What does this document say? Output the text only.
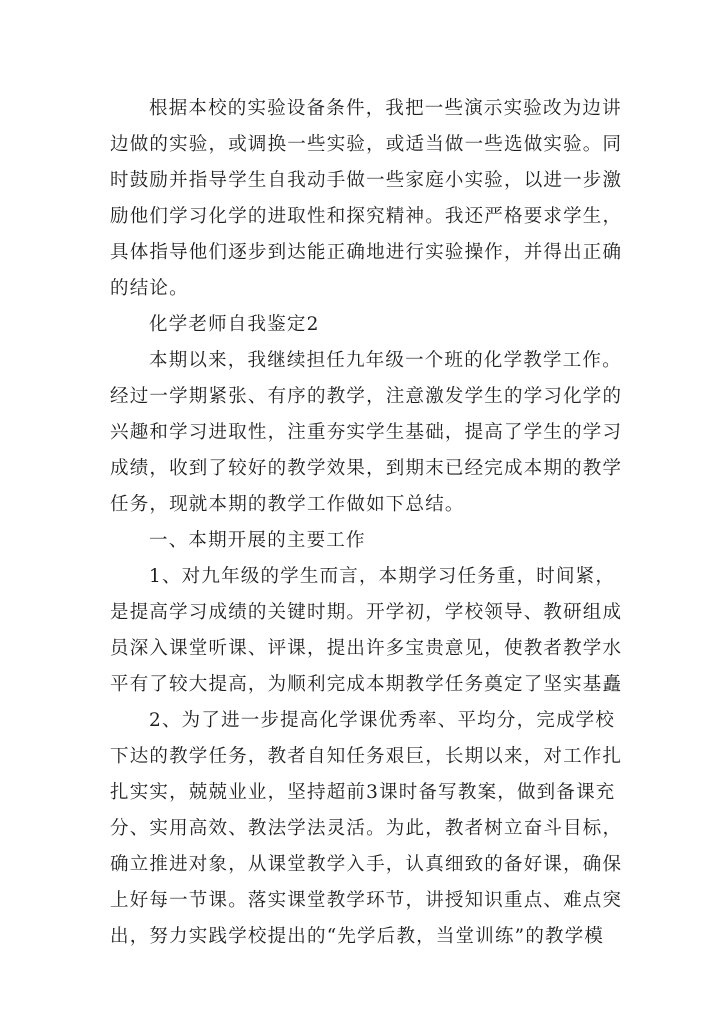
根据本校的实验设备条件，我把一些演示实验改为边讲
边做的实验，或调换一些实验，或适当做一些选做实验。同
时鼓励并指导学生自我动手做一些家庭小实验，以进一步激
励他们学习化学的进取性和探究精神。我还严格要求学生，
具体指导他们逐步到达能正确地进行实验操作，并得出正确
的结论。
化学老师自我鉴定2
本期以来，我继续担任九年级一个班的化学教学工作。
经过一学期紧张、有序的教学，注意激发学生的学习化学的
兴趣和学习进取性，注重夯实学生基础，提高了学生的学习
成绩，收到了较好的教学效果，到期末已经完成本期的教学
任务，现就本期的教学工作做如下总结。
一、本期开展的主要工作
1、对九年级的学生而言，本期学习任务重，时间紧，
是提高学习成绩的关键时期。开学初，学校领导、教研组成
员深入课堂听课、评课，提出许多宝贵意见，使教者教学水
平有了较大提高，为顺利完成本期教学任务奠定了坚实基矗
2、为了进一步提高化学课优秀率、平均分，完成学校
下达的教学任务，教者自知任务艰巨，长期以来，对工作扎
扎实实，兢兢业业，坚持超前3课时备写教案，做到备课充
分、实用高效、教法学法灵活。为此，教者树立奋斗目标，
确立推进对象，从课堂教学入手，认真细致的备好课，确保
上好每一节课。落实课堂教学环节，讲授知识重点、难点突
出，努力实践学校提出的“先学后教，当堂训练”的教学模
